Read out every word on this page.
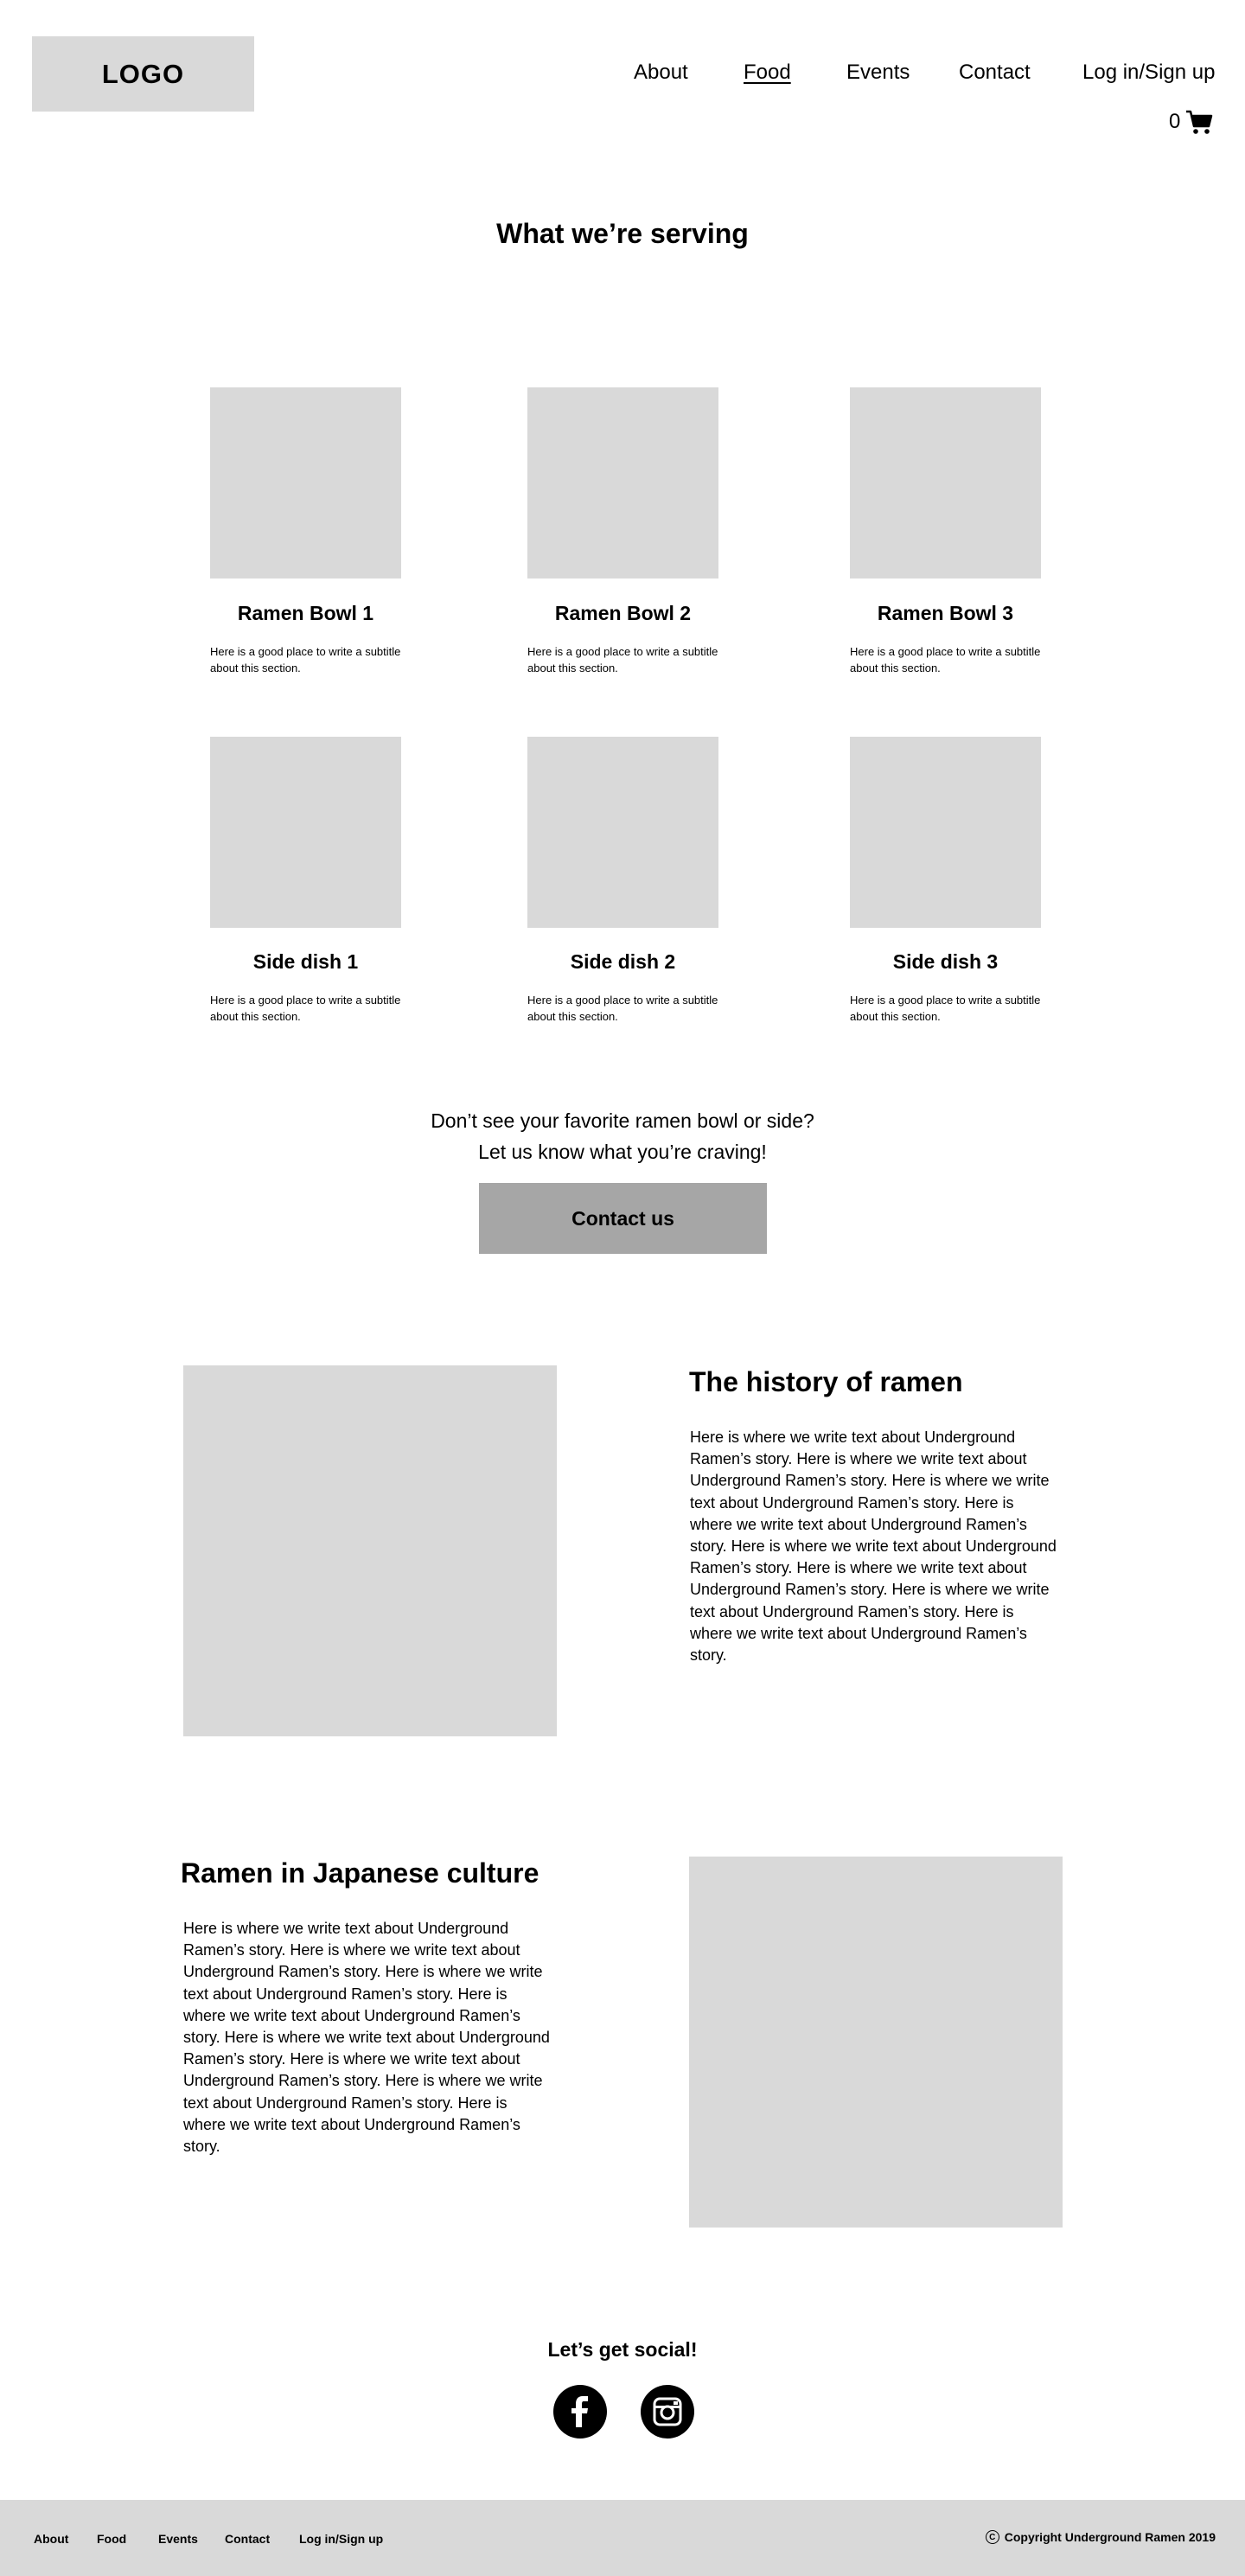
LOGO	About	Food	Events Contact	Log in/Sign up
0
What we’re serving
Ramen Bowl 1
Here is a good place to write a subtitle about this section.
Ramen Bowl 2
Here is a good place to write a subtitle about this section.
Ramen Bowl 3
Here is a good place to write a subtitle about this section.
Side dish 1
Here is a good place to write a subtitle about this section.
Side dish 2
Here is a good place to write a subtitle about this section.
Side dish 3
Here is a good place to write a subtitle about this section.

Don’t see your favorite ramen bowl or side?

Let us know what you’re craving!

Contact us
The history of ramen

Here is where we write text about Underground Ramen’s story. Here is where we write text about Underground Ramen’s story. Here is where we write text about Underground Ramen’s story. Here is where we write text about Underground Ramen’s story. Here is where we write text about Underground Ramen’s story. Here is where we write text about Underground Ramen’s story. Here is where we write text about Underground Ramen’s story. Here is where we write text about Underground Ramen’s story.

Ramen in Japanese culture

Here is where we write text about Underground Ramen’s story. Here is where we write text about Underground Ramen’s story. Here is where we write text about Underground Ramen’s story. Here is where we write text about Underground Ramen’s story. Here is where we write text about Underground Ramen’s story. Here is where we write text about Underground Ramen’s story. Here is where we write text about Underground Ramen’s story. Here is where we write text about Underground Ramen’s story.

Let’s get social!
About Food	Events Contact Log in/Sign up	C Copyright Underground Ramen 2019
